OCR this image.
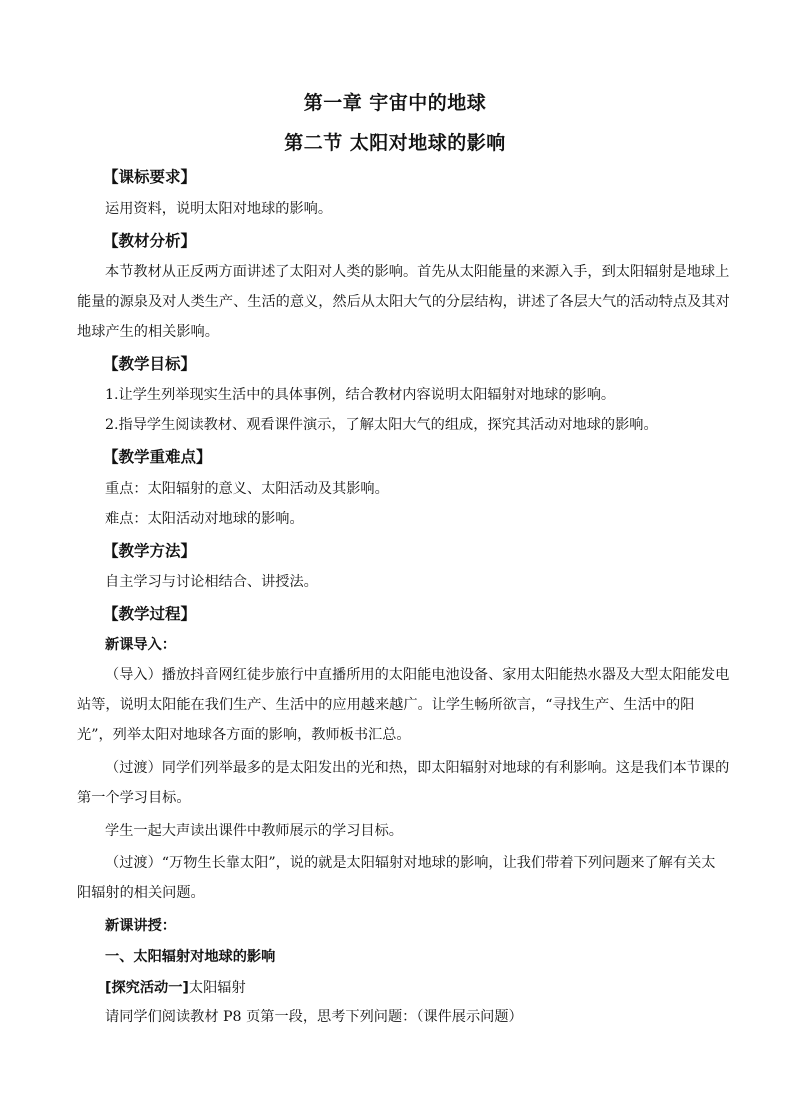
第一章 宇宙中的地球
第二节 太阳对地球的影响
【课标要求】
运用资料，说明太阳对地球的影响。
【教材分析】
本节教材从正反两方面讲述了太阳对人类的影响。首先从太阳能量的来源入手，到太阳辐射是地球上
能量的源泉及对人类生产、生活的意义，然后从太阳大气的分层结构，讲述了各层大气的活动特点及其对
地球产生的相关影响。
【教学目标】
1.让学生列举现实生活中的具体事例，结合教材内容说明太阳辐射对地球的影响。
2.指导学生阅读教材、观看课件演示，了解太阳大气的组成，探究其活动对地球的影响。
【教学重难点】
重点：太阳辐射的意义、太阳活动及其影响。
难点：太阳活动对地球的影响。
【教学方法】
自主学习与讨论相结合、讲授法。
【教学过程】
新课导入：
（导入）播放抖音网红徒步旅行中直播所用的太阳能电池设备、家用太阳能热水器及大型太阳能发电
站等，说明太阳能在我们生产、生活中的应用越来越广。让学生畅所欲言，“寻找生产、生活中的阳
光”，列举太阳对地球各方面的影响，教师板书汇总。
（过渡）同学们列举最多的是太阳发出的光和热，即太阳辐射对地球的有利影响。这是我们本节课的
第一个学习目标。
学生一起大声读出课件中教师展示的学习目标。
（过渡）“万物生长靠太阳”，说的就是太阳辐射对地球的影响，让我们带着下列问题来了解有关太
阳辐射的相关问题。
新课讲授：
一、太阳辐射对地球的影响
[探究活动一]太阳辐射
请同学们阅读教材 P8 页第一段，思考下列问题：（课件展示问题）
